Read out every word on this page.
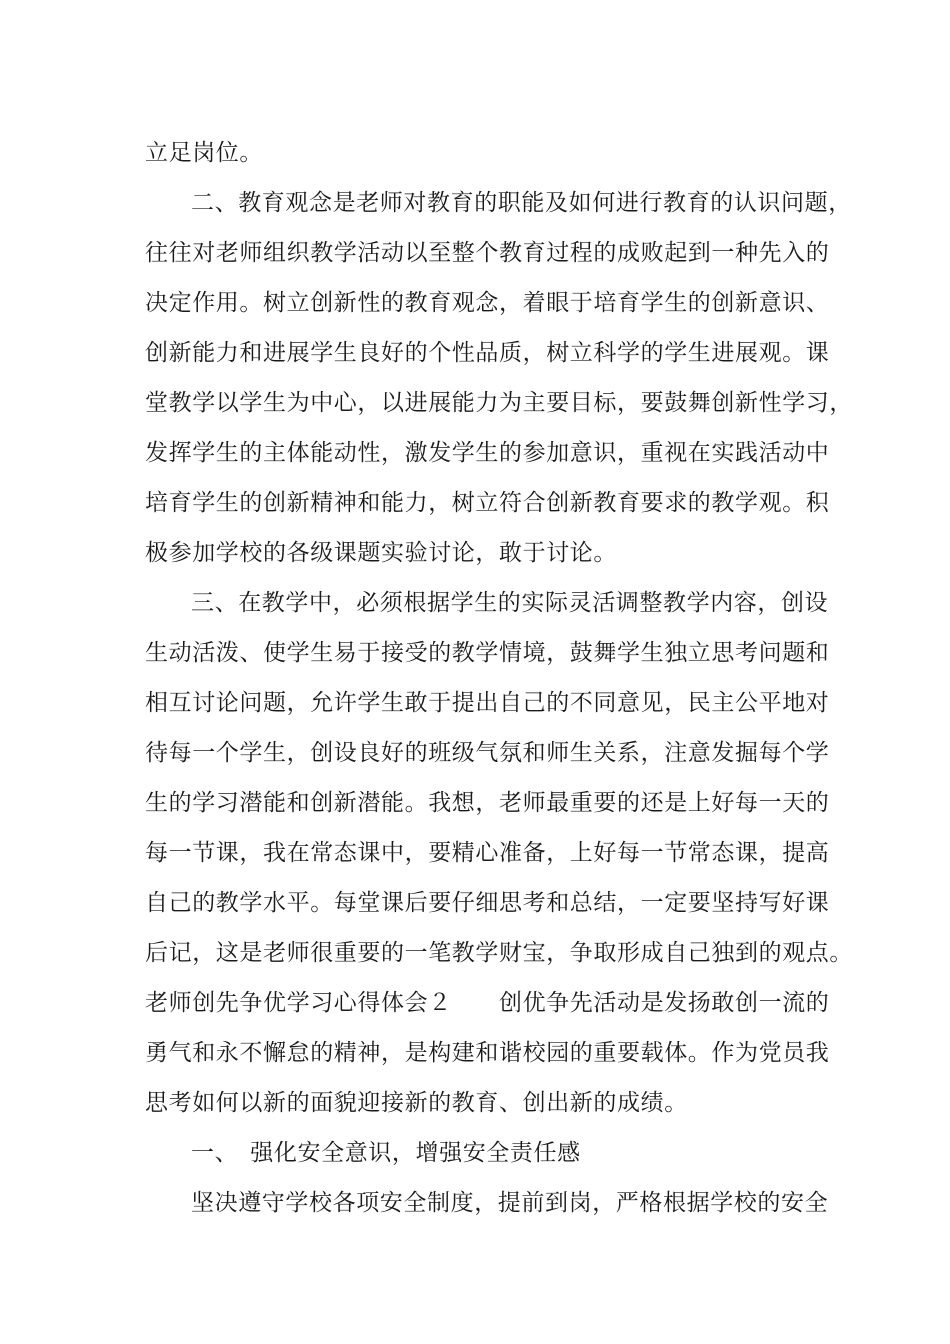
立足岗位。
二、教育观念是老师对教育的职能及如何进行教育的认识问题，
往往对老师组织教学活动以至整个教育过程的成败起到一种先入的
决定作用。树立创新性的教育观念，着眼于培育学生的创新意识、
创新能力和进展学生良好的个性品质，树立科学的学生进展观。课
堂教学以学生为中心，以进展能力为主要目标，要鼓舞创新性学习，
发挥学生的主体能动性，激发学生的参加意识，重视在实践活动中
培育学生的创新精神和能力，树立符合创新教育要求的教学观。积
极参加学校的各级课题实验讨论，敢于讨论。
三、在教学中，必须根据学生的实际灵活调整教学内容，创设
生动活泼、使学生易于接受的教学情境，鼓舞学生独立思考问题和
相互讨论问题，允许学生敢于提出自己的不同意见，民主公平地对
待每一个学生，创设良好的班级气氛和师生关系，注意发掘每个学
生的学习潜能和创新潜能。我想，老师最重要的还是上好每一天的
每一节课，我在常态课中，要精心准备，上好每一节常态课，提高
自己的教学水平。每堂课后要仔细思考和总结，一定要坚持写好课
后记，这是老师很重要的一笔教学财宝，争取形成自己独到的观点。
老师创先争优学习心得体会２　　创优争先活动是发扬敢创一流的
勇气和永不懈怠的精神，是构建和谐校园的重要载体。作为党员我
思考如何以新的面貌迎接新的教育、创出新的成绩。
一、　强化安全意识，增强安全责任感
坚决遵守学校各项安全制度，提前到岗，严格根据学校的安全
